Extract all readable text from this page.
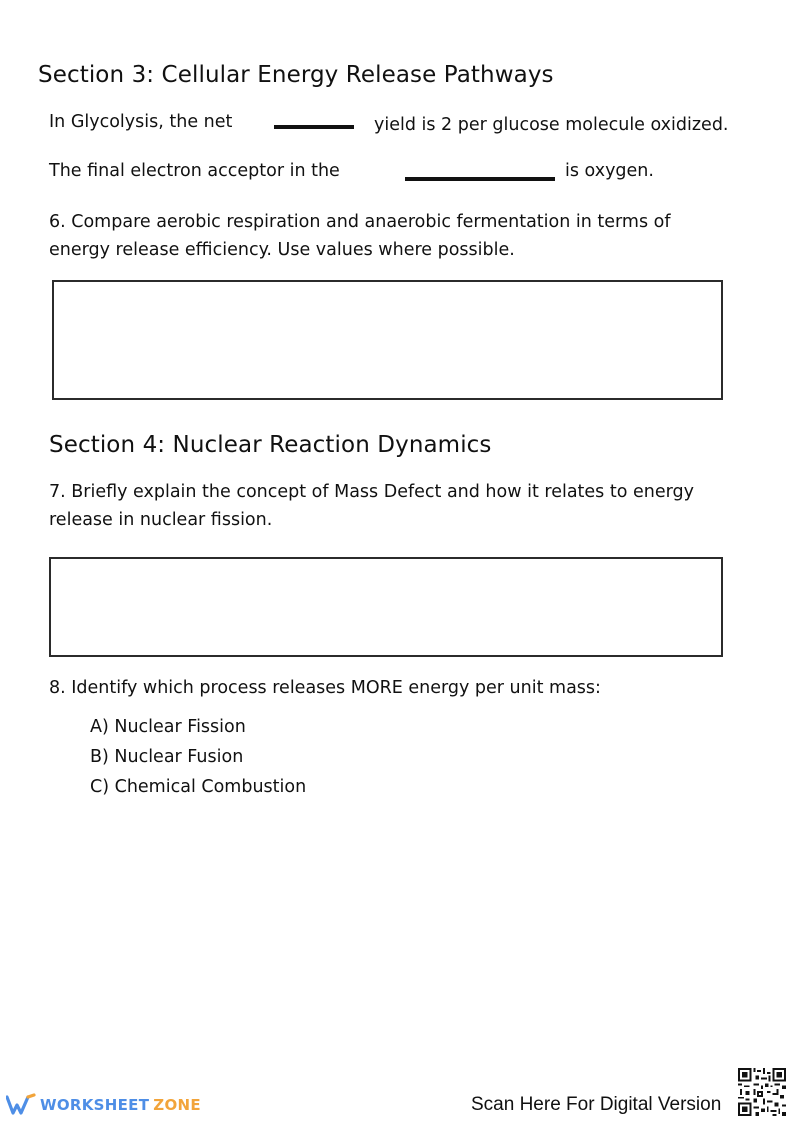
Section 3: Cellular Energy Release Pathways
In Glycolysis, the net	yield is 2 per glucose molecule oxidized.
The final electron acceptor in the	is oxygen.
6. Compare aerobic respiration and anaerobic fermentation in terms of
energy release efficiency. Use values where possible.
Section 4: Nuclear Reaction Dynamics
7. Briefly explain the concept of Mass Defect and how it relates to energy
release in nuclear fission.
8. Identify which process releases MORE energy per unit mass:
A) Nuclear Fission
B) Nuclear Fusion
C) Chemical Combustion
WORKSHEET ZONE	Scan Here For Digital Version
